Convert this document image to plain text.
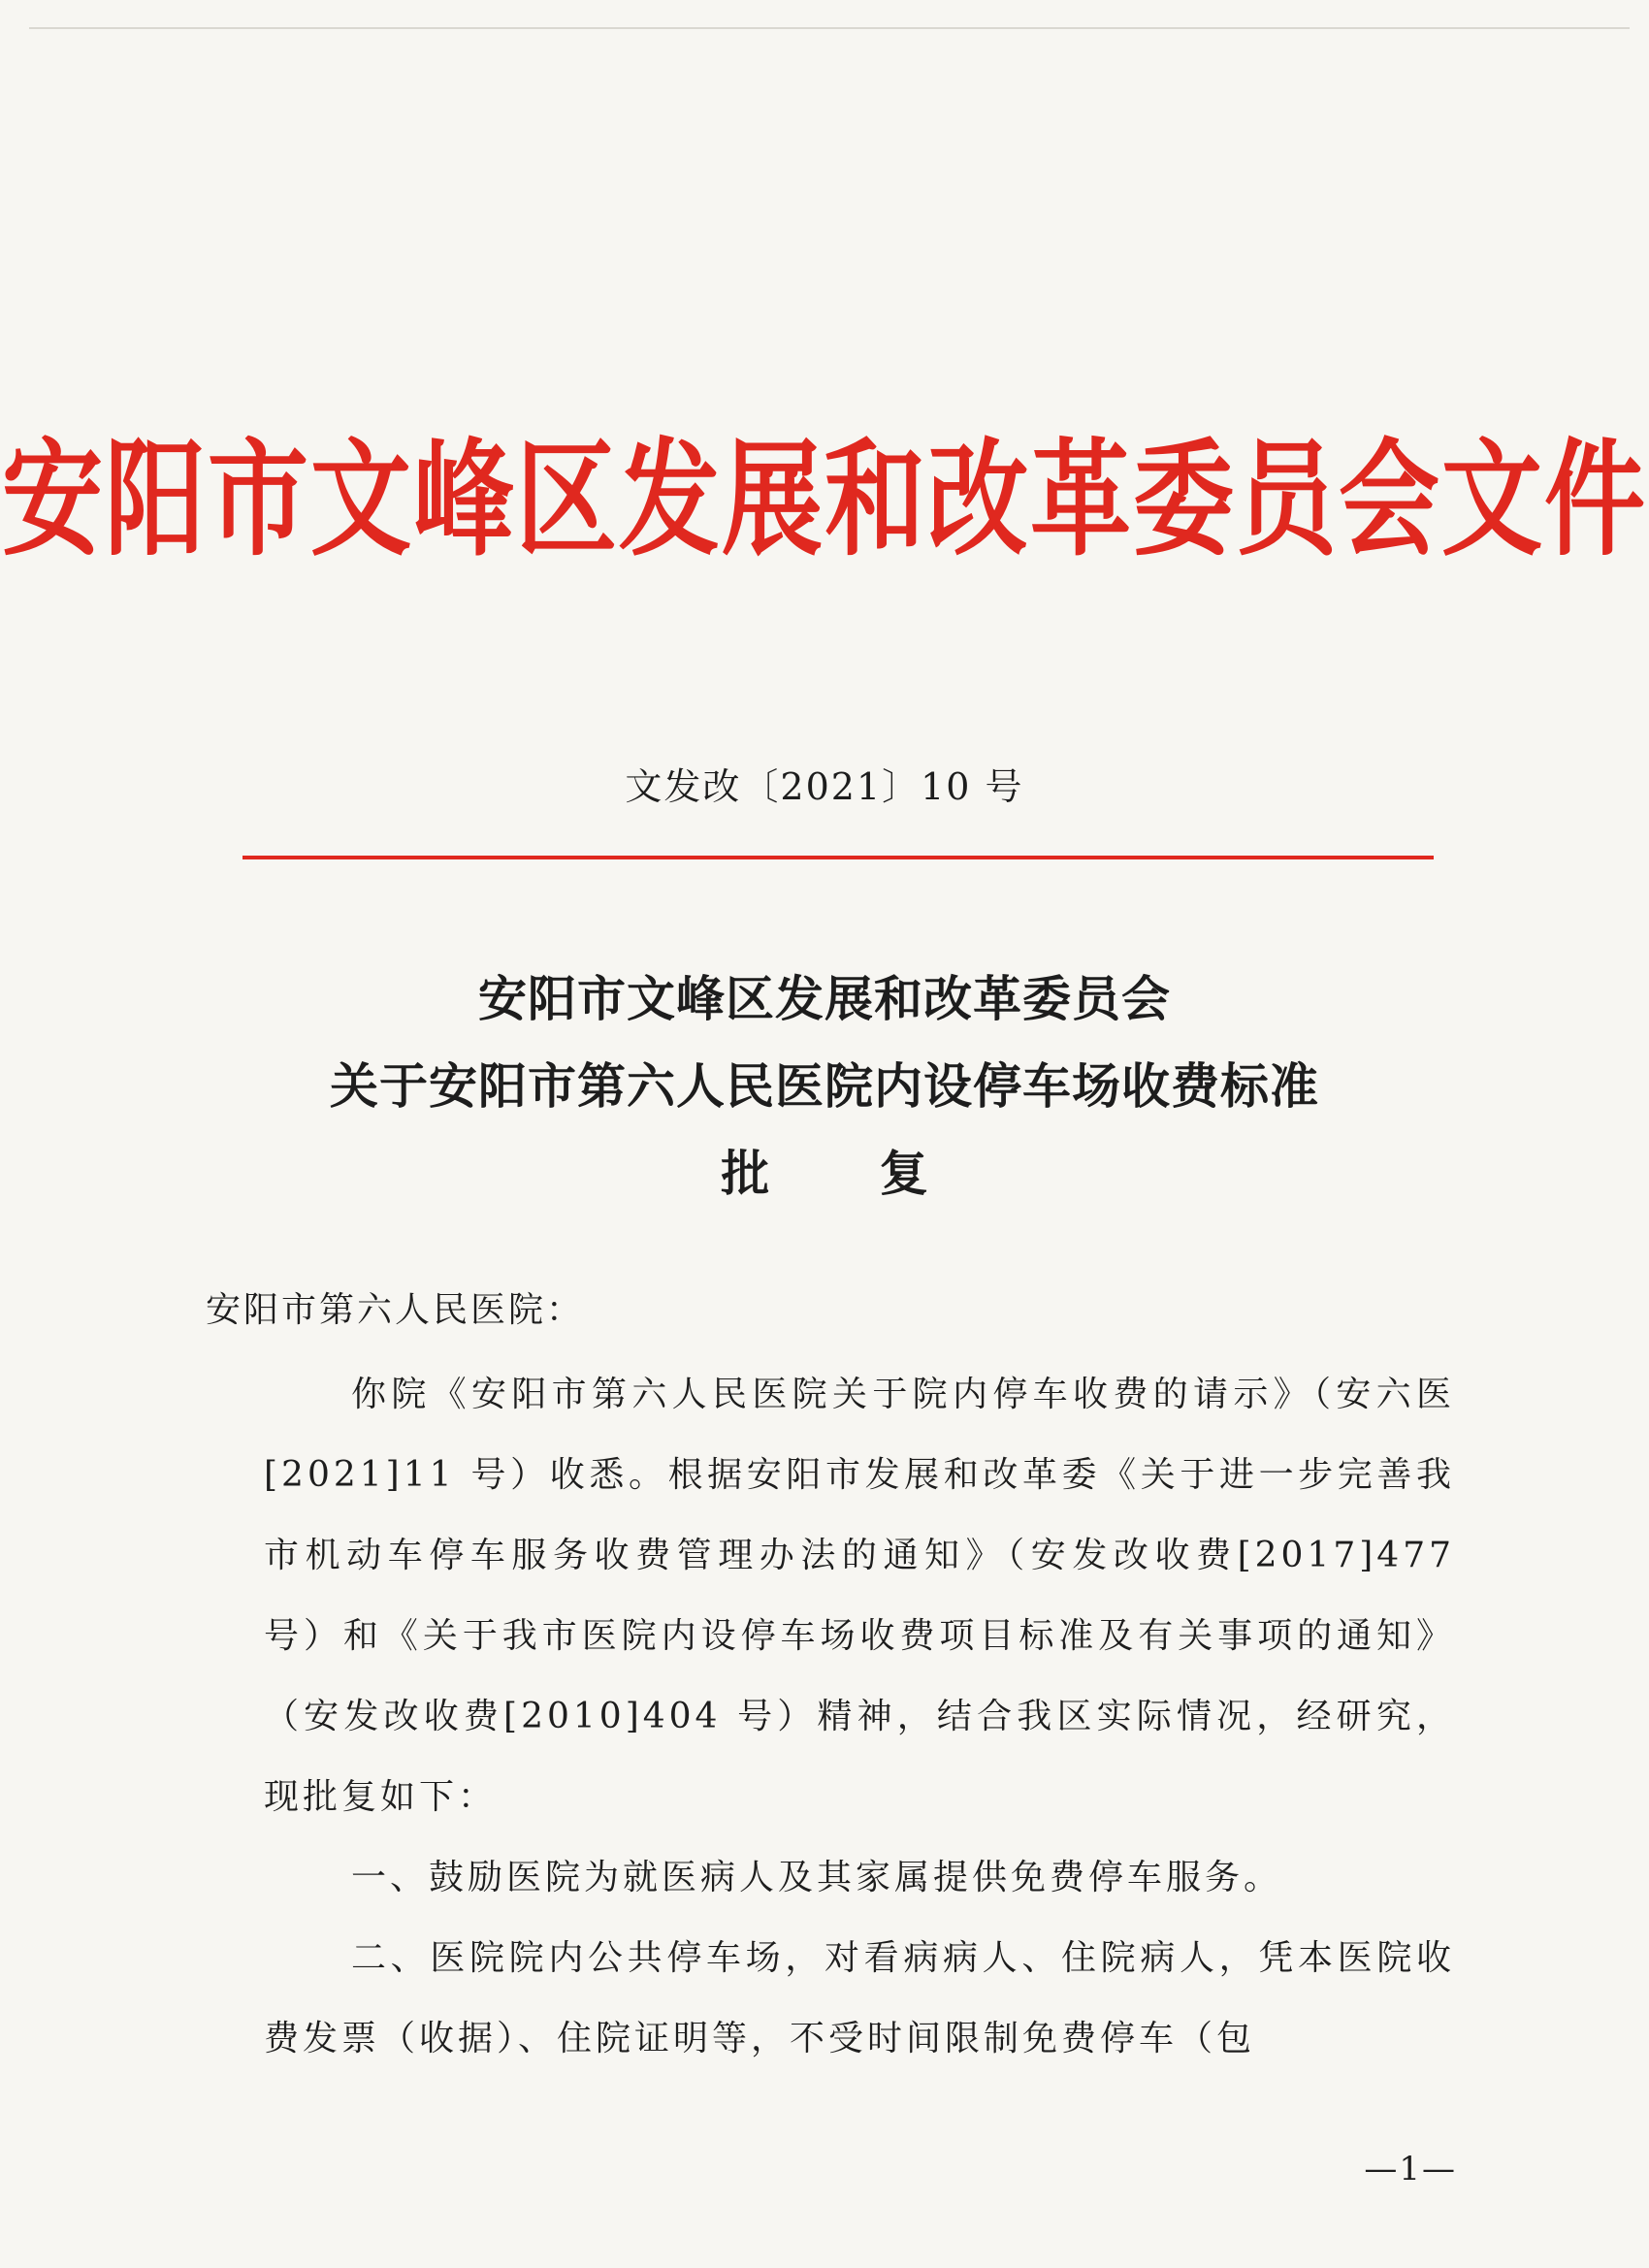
安阳市文峰区发展和改革委员会文件
文发改〔2021〕10 号
安阳市文峰区发展和改革委员会
关于安阳市第六人民医院内设停车场收费标准
批 复
安阳市第六人民医院：

你院《安阳市第六人民医院关于院内停车收费的请示》（安六医[2021]11 号）收悉。根据安阳市发展和改革委《关于进一步完善我市机动车停车服务收费管理办法的通知》（安发改收费[2017]477 号）和《关于我市医院内设停车场收费项目标准及有关事项的通知》（安发改收费[2010]404 号）精神，结合我区实际情况，经研究，现批复如下：

一、鼓励医院为就医病人及其家属提供免费停车服务。

二、医院院内公共停车场，对看病病人、住院病人，凭本医院收费发票（收据）、住院证明等，不受时间限制免费停车（包

—1—
